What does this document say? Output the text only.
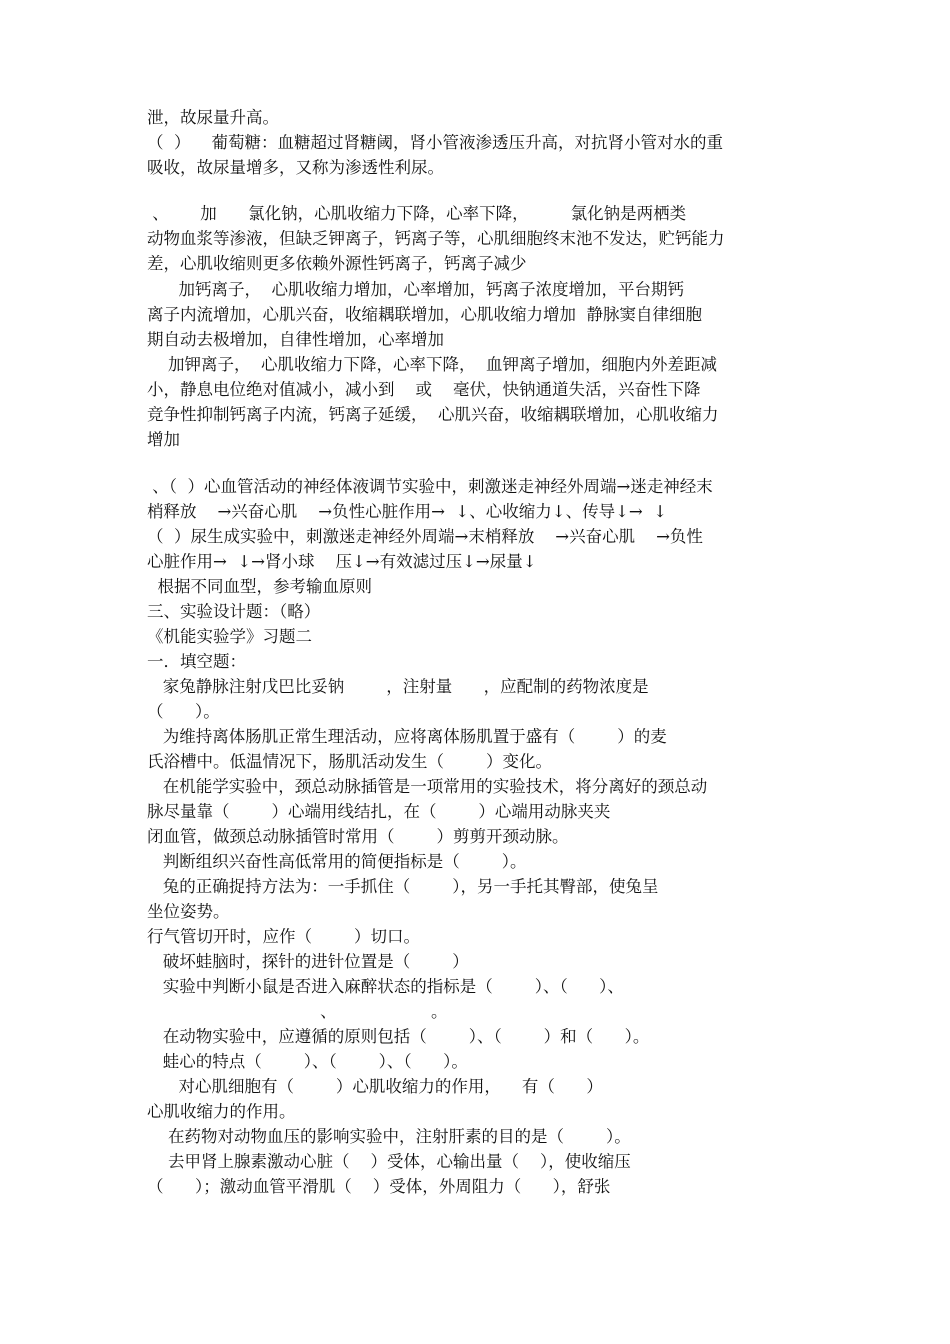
泄，故尿量升高。
（  ）    葡萄糖：血糖超过肾糖阈，肾小管液渗透压升高，对抗肾小管对水的重
吸收，故尿量增多，又称为渗透性利尿。
、      加      氯化钠，心肌收缩力下降，心率下降，        氯化钠是两栖类
动物血浆等渗液，但缺乏钾离子，钙离子等，心肌细胞终末池不发达，贮钙能力
差，心肌收缩则更多依赖外源性钙离子，钙离子减少
加钙离子，  心肌收缩力增加，心率增加，钙离子浓度增加，平台期钙
离子内流增加，心肌兴奋，收缩耦联增加，心肌收缩力增加  静脉窦自律细胞
期自动去极增加，自律性增加，心率增加
加钾离子，  心肌收缩力下降，心率下降，  血钾离子增加，细胞内外差距减
小，静息电位绝对值减小，减小到    或    毫伏，快钠通道失活，兴奋性下降
竞争性抑制钙离子内流，钙离子延缓，  心肌兴奋，收缩耦联增加，心肌收缩力
增加
、（  ）心血管活动的神经体液调节实验中，刺激迷走神经外周端→迷走神经末
梢释放    →兴奋心肌    →负性心脏作用→  ↓、心收缩力↓、传导↓→  ↓
（  ）尿生成实验中，刺激迷走神经外周端→末梢释放    →兴奋心肌    →负性
心脏作用→  ↓→肾小球    压↓→有效滤过压↓→尿量↓
根据不同血型，参考输血原则
三、实验设计题：（略）
《机能实验学》习题二
一．填空题：
家兔静脉注射戊巴比妥钠        ，注射量      ，应配制的药物浓度是
（      ）。
为维持离体肠肌正常生理活动，应将离体肠肌置于盛有（        ）的麦
氏浴槽中。低温情况下，肠肌活动发生（        ）变化。
在机能学实验中，颈总动脉插管是一项常用的实验技术，将分离好的颈总动
脉尽量靠（        ）心端用线结扎，在（        ）心端用动脉夹夹
闭血管，做颈总动脉插管时常用（        ）剪剪开颈动脉。
判断组织兴奋性高低常用的简便指标是（        ）。
兔的正确捉持方法为：一手抓住（        ），另一手托其臀部，使兔呈
坐位姿势。
行气管切开时，应作（        ）切口。
破坏蛙脑时，探针的进针位置是（        ）
实验中判断小鼠是否进入麻醉状态的指标是（        ）、（      ）、
、                  。
在动物实验中，应遵循的原则包括（        ）、（        ）和（      ）。
蛙心的特点（        ）、（        ）、（      ）。
对心肌细胞有（        ）心肌收缩力的作用，    有（      ）
心肌收缩力的作用。
在药物对动物血压的影响实验中，注射肝素的目的是（        ）。
去甲肾上腺素激动心脏（    ）受体，心输出量（    ），使收缩压
（      ）；激动血管平滑肌（    ）受体，外周阻力（      ），舒张
